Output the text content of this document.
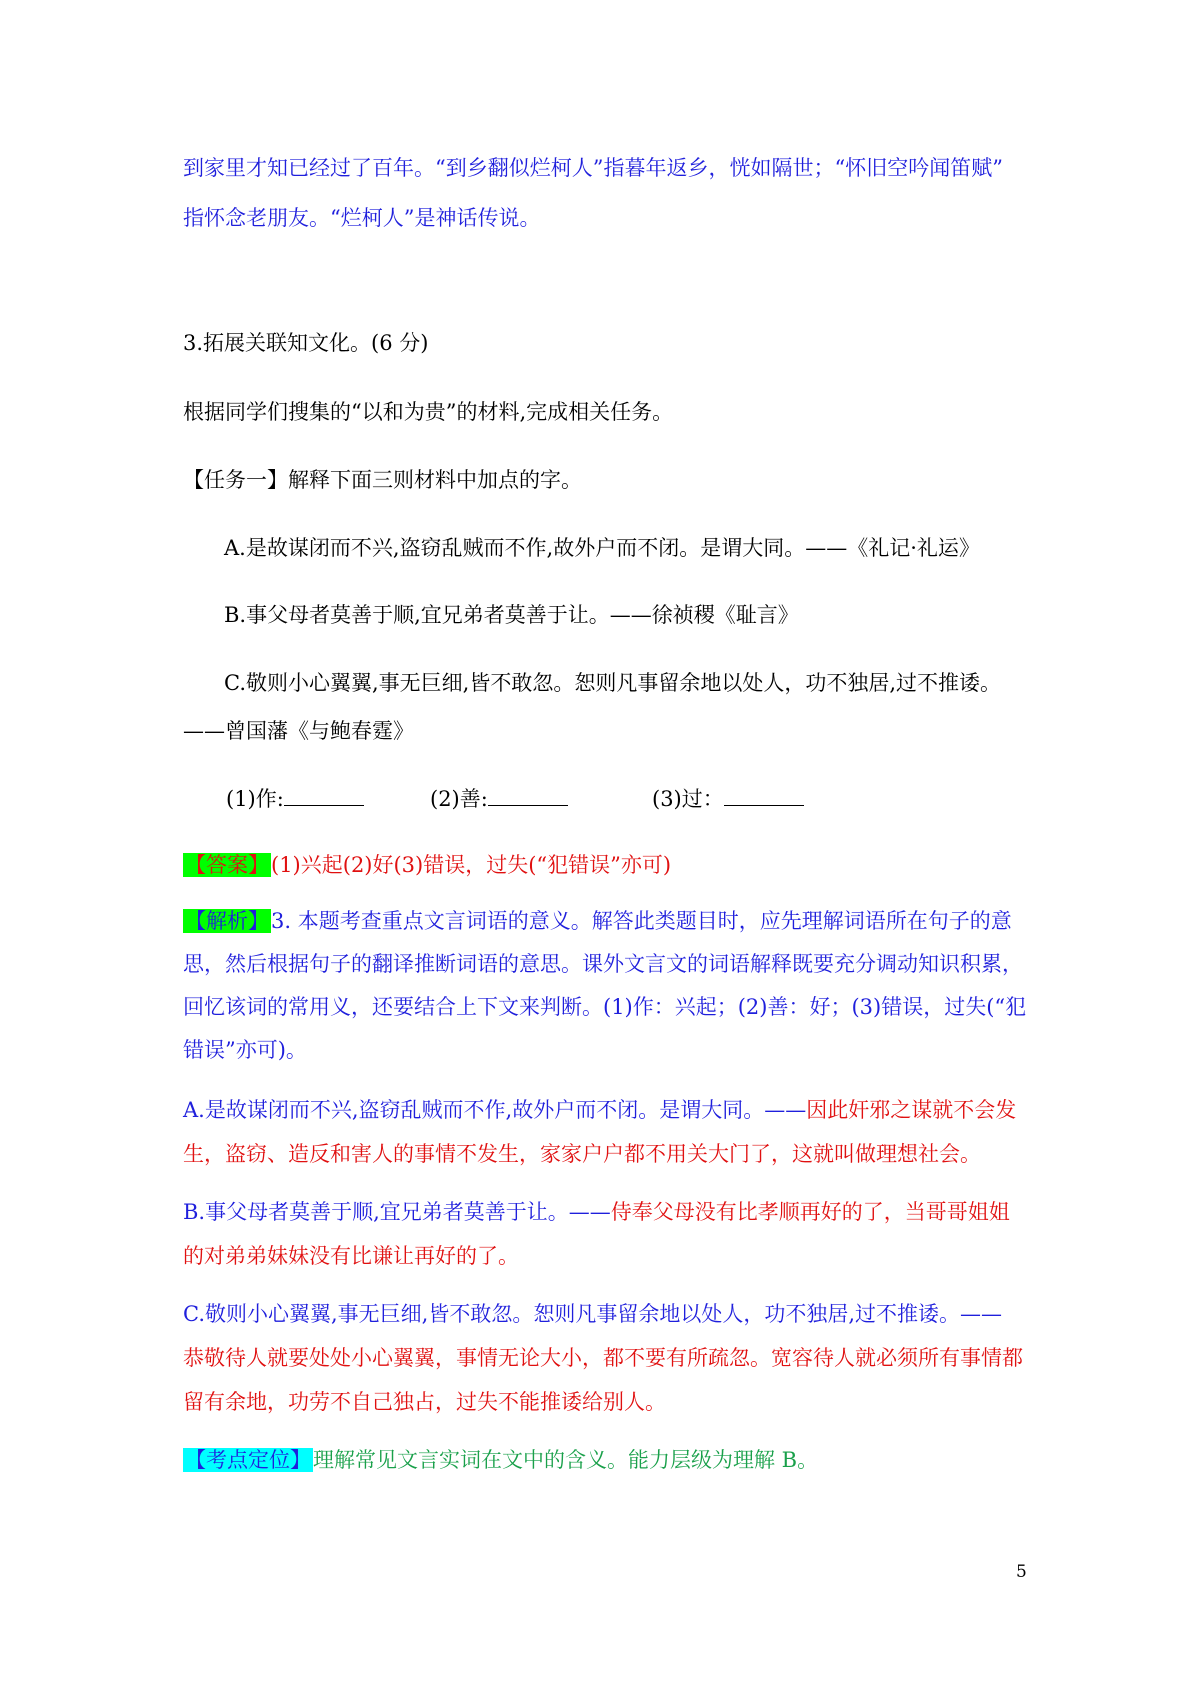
到家里才知已经过了百年。“到乡翻似烂柯人”指暮年返乡，恍如隔世；“怀旧空吟闻笛赋”
指怀念老朋友。“烂柯人”是神话传说。
3.拓展关联知文化。(6 分)
根据同学们搜集的“以和为贵”的材料,完成相关任务。
【任务一】解释下面三则材料中加点的字。
A.是故谋闭而不兴,盗窃乱贼而不作,故外户而不闭。是谓大同。——《礼记·礼运》
B.事父母者莫善于顺,宜兄弟者莫善于让。——徐祯稷《耻言》
C.敬则小心翼翼,事无巨细,皆不敢忽。恕则凡事留余地以处人，功不独居,过不推诿。
——曾国藩《与鲍春霆》
(1)作:	(2)善:	(3)过：
【答案】(1)兴起(2)好(3)错误，过失(“犯错误”亦可)
【解析】3. 本题考查重点文言词语的意义。解答此类题目时，应先理解词语所在句子的意
思，然后根据句子的翻译推断词语的意思。课外文言文的词语解释既要充分调动知识积累，
回忆该词的常用义，还要结合上下文来判断。(1)作：兴起；(2)善：好；(3)错误，过失(“犯
错误”亦可)。
A.是故谋闭而不兴,盗窃乱贼而不作,故外户而不闭。是谓大同。——因此奸邪之谋就不会发
生，盗窃、造反和害人的事情不发生，家家户户都不用关大门了，这就叫做理想社会。
B.事父母者莫善于顺,宜兄弟者莫善于让。——侍奉父母没有比孝顺再好的了，当哥哥姐姐
的对弟弟妹妹没有比谦让再好的了。
C.敬则小心翼翼,事无巨细,皆不敢忽。恕则凡事留余地以处人，功不独居,过不推诿。——
恭敬待人就要处处小心翼翼，事情无论大小，都不要有所疏忽。宽容待人就必须所有事情都
留有余地，功劳不自己独占，过失不能推诿给别人。
【考点定位】理解常见文言实词在文中的含义。能力层级为理解 B。
5
